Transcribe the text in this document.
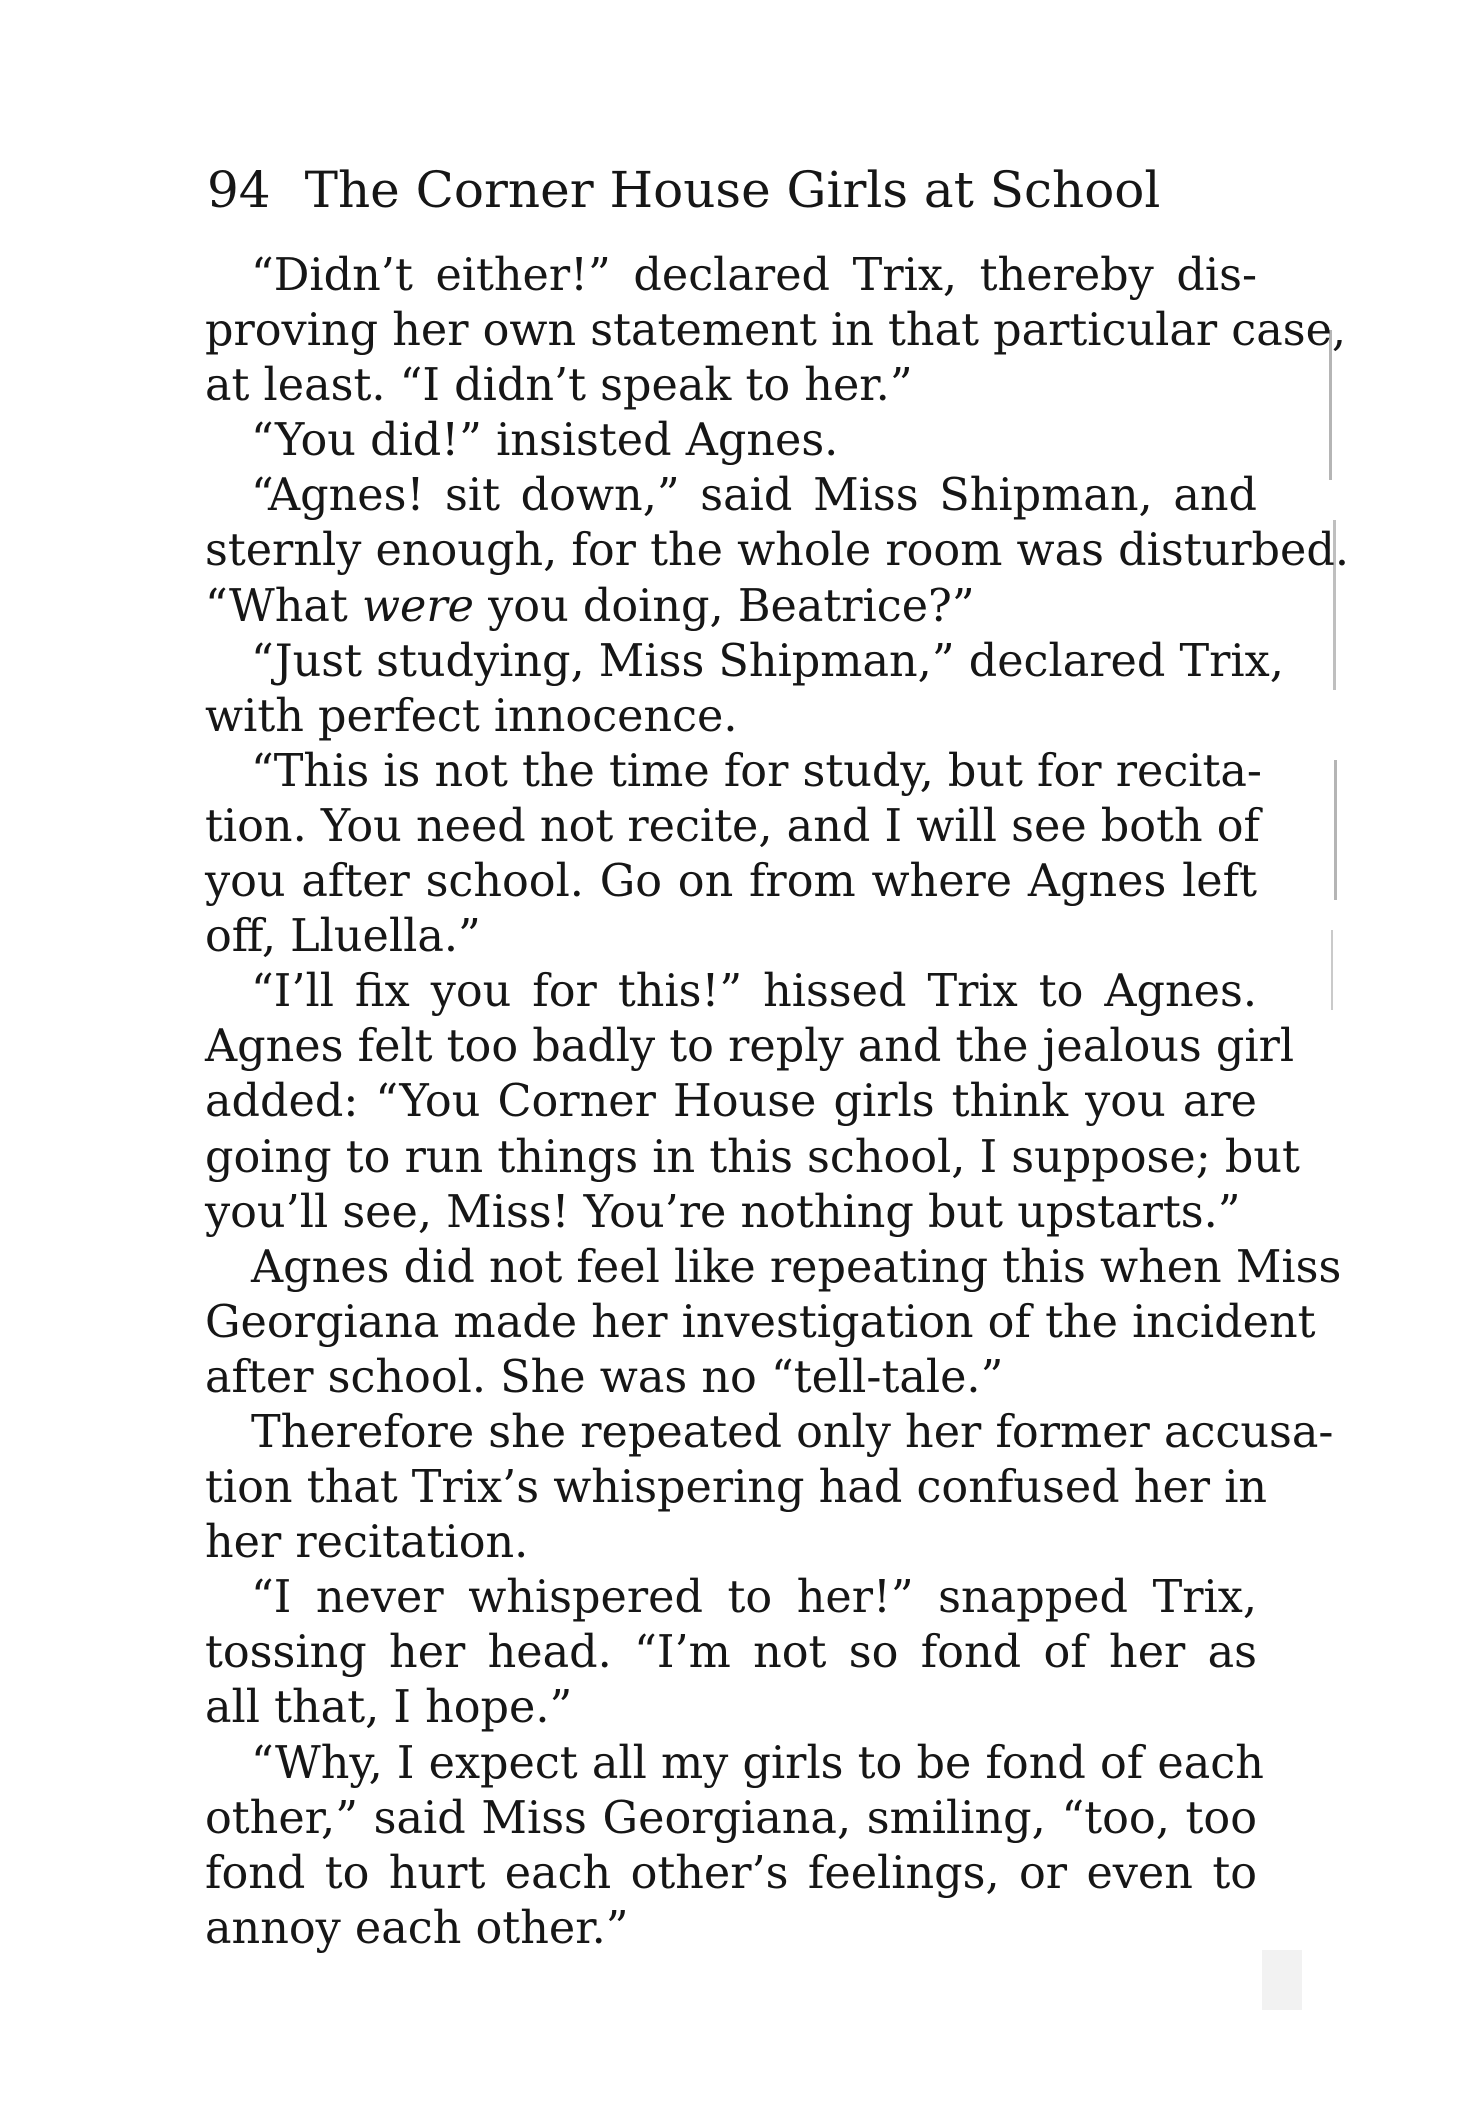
94 The Corner House Girls at School
“Didn’t either!” declared Trix, thereby dis-
proving her own statement in that particular case,
at least. “I didn’t speak to her.”
“You did!” insisted Agnes.
“Agnes! sit down,” said Miss Shipman, and
sternly enough, for the whole room was disturbed.
“What were you doing, Beatrice?”
“Just studying, Miss Shipman,” declared Trix,
with perfect innocence.
“This is not the time for study, but for recita-
tion. You need not recite, and I will see both of
you after school. Go on from where Agnes left
off, Lluella.”
“I’ll fix you for this!” hissed Trix to Agnes.
Agnes felt too badly to reply and the jealous girl
added: “You Corner House girls think you are
going to run things in this school, I suppose; but
you’ll see, Miss! You’re nothing but upstarts.”
Agnes did not feel like repeating this when Miss
Georgiana made her investigation of the incident
after school. She was no “tell-tale.”
Therefore she repeated only her former accusa-
tion that Trix’s whispering had confused her in
her recitation.
“I never whispered to her!” snapped Trix,
tossing her head. “I’m not so fond of her as
all that, I hope.”
“Why, I expect all my girls to be fond of each
other,” said Miss Georgiana, smiling, “too, too
fond to hurt each other’s feelings, or even to
annoy each other.”
